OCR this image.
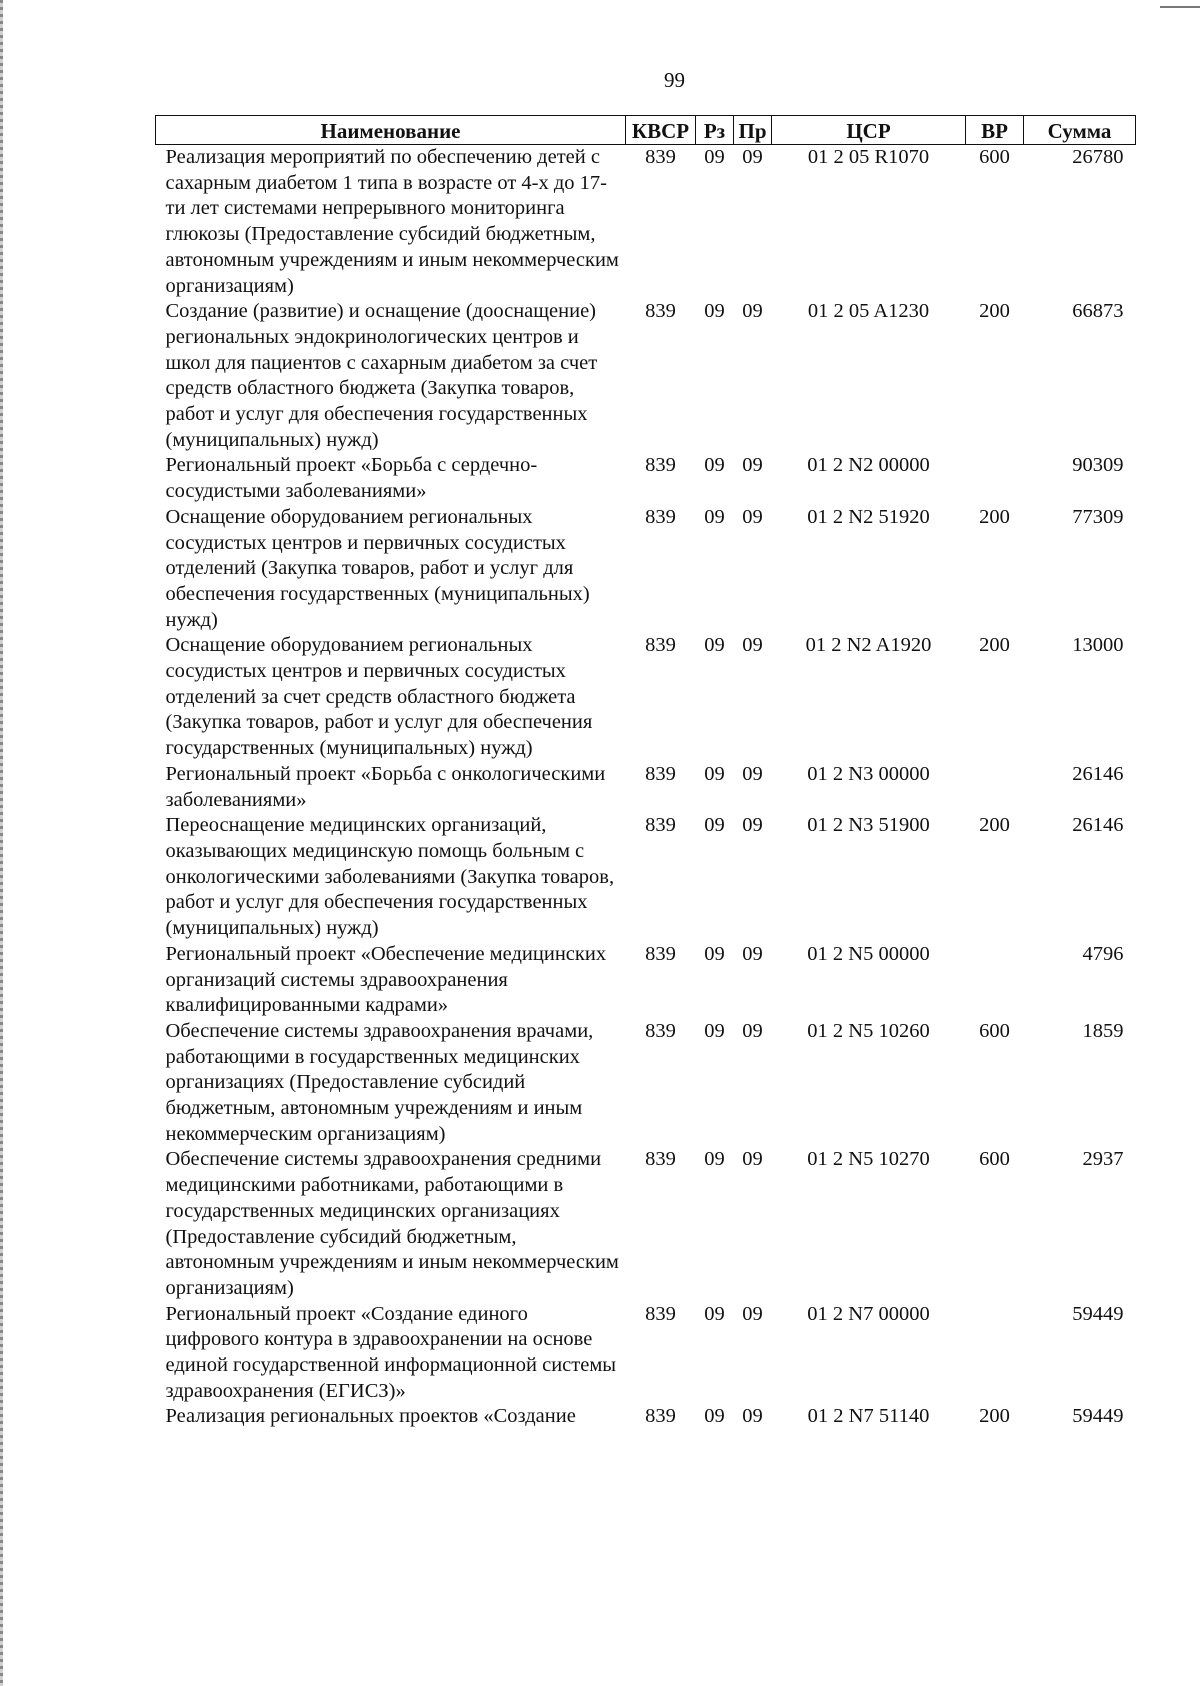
99
Наименование	КВСР	Рз	Пр	ЦСР	ВР	Сумма
Реализация мероприятий по обеспечению детей с сахарным диабетом 1 типа в возрасте от 4-х до 17-ти лет системами непрерывного мониторинга глюкозы (Предоставление субсидий бюджетным, автономным учреждениям и иным некоммерческим организациям)	839	09	09	01 2 05 R1070	600	26780
Создание (развитие) и оснащение (дооснащение) региональных эндокринологических центров и школ для пациентов с сахарным диабетом за счет средств областного бюджета (Закупка товаров, работ и услуг для обеспечения государственных (муниципальных) нужд)	839	09	09	01 2 05 A1230	200	66873
Региональный проект «Борьба с сердечно-сосудистыми заболеваниями»	839	09	09	01 2 N2 00000		90309
Оснащение оборудованием региональных сосудистых центров и первичных сосудистых отделений (Закупка товаров, работ и услуг для обеспечения государственных (муниципальных) нужд)	839	09	09	01 2 N2 51920	200	77309
Оснащение оборудованием региональных сосудистых центров и первичных сосудистых отделений за счет средств областного бюджета (Закупка товаров, работ и услуг для обеспечения государственных (муниципальных) нужд)	839	09	09	01 2 N2 A1920	200	13000
Региональный проект «Борьба с онкологическими заболеваниями»	839	09	09	01 2 N3 00000		26146
Переоснащение медицинских организаций, оказывающих медицинскую помощь больным с онкологическими заболеваниями (Закупка товаров, работ и услуг для обеспечения государственных (муниципальных) нужд)	839	09	09	01 2 N3 51900	200	26146
Региональный проект «Обеспечение медицинских организаций системы здравоохранения квалифицированными кадрами»	839	09	09	01 2 N5 00000		4796
Обеспечение системы здравоохранения врачами, работающими в государственных медицинских организациях (Предоставление субсидий бюджетным, автономным учреждениям и иным некоммерческим организациям)	839	09	09	01 2 N5 10260	600	1859
Обеспечение системы здравоохранения средними медицинскими работниками, работающими в государственных медицинских организациях (Предоставление субсидий бюджетным, автономным учреждениям и иным некоммерческим организациям)	839	09	09	01 2 N5 10270	600	2937
Региональный проект «Создание единого цифрового контура в здравоохранении на основе единой государственной информационной системы здравоохранения (ЕГИСЗ)»	839	09	09	01 2 N7 00000		59449
Реализация региональных проектов «Создание	839	09	09	01 2 N7 51140	200	59449
